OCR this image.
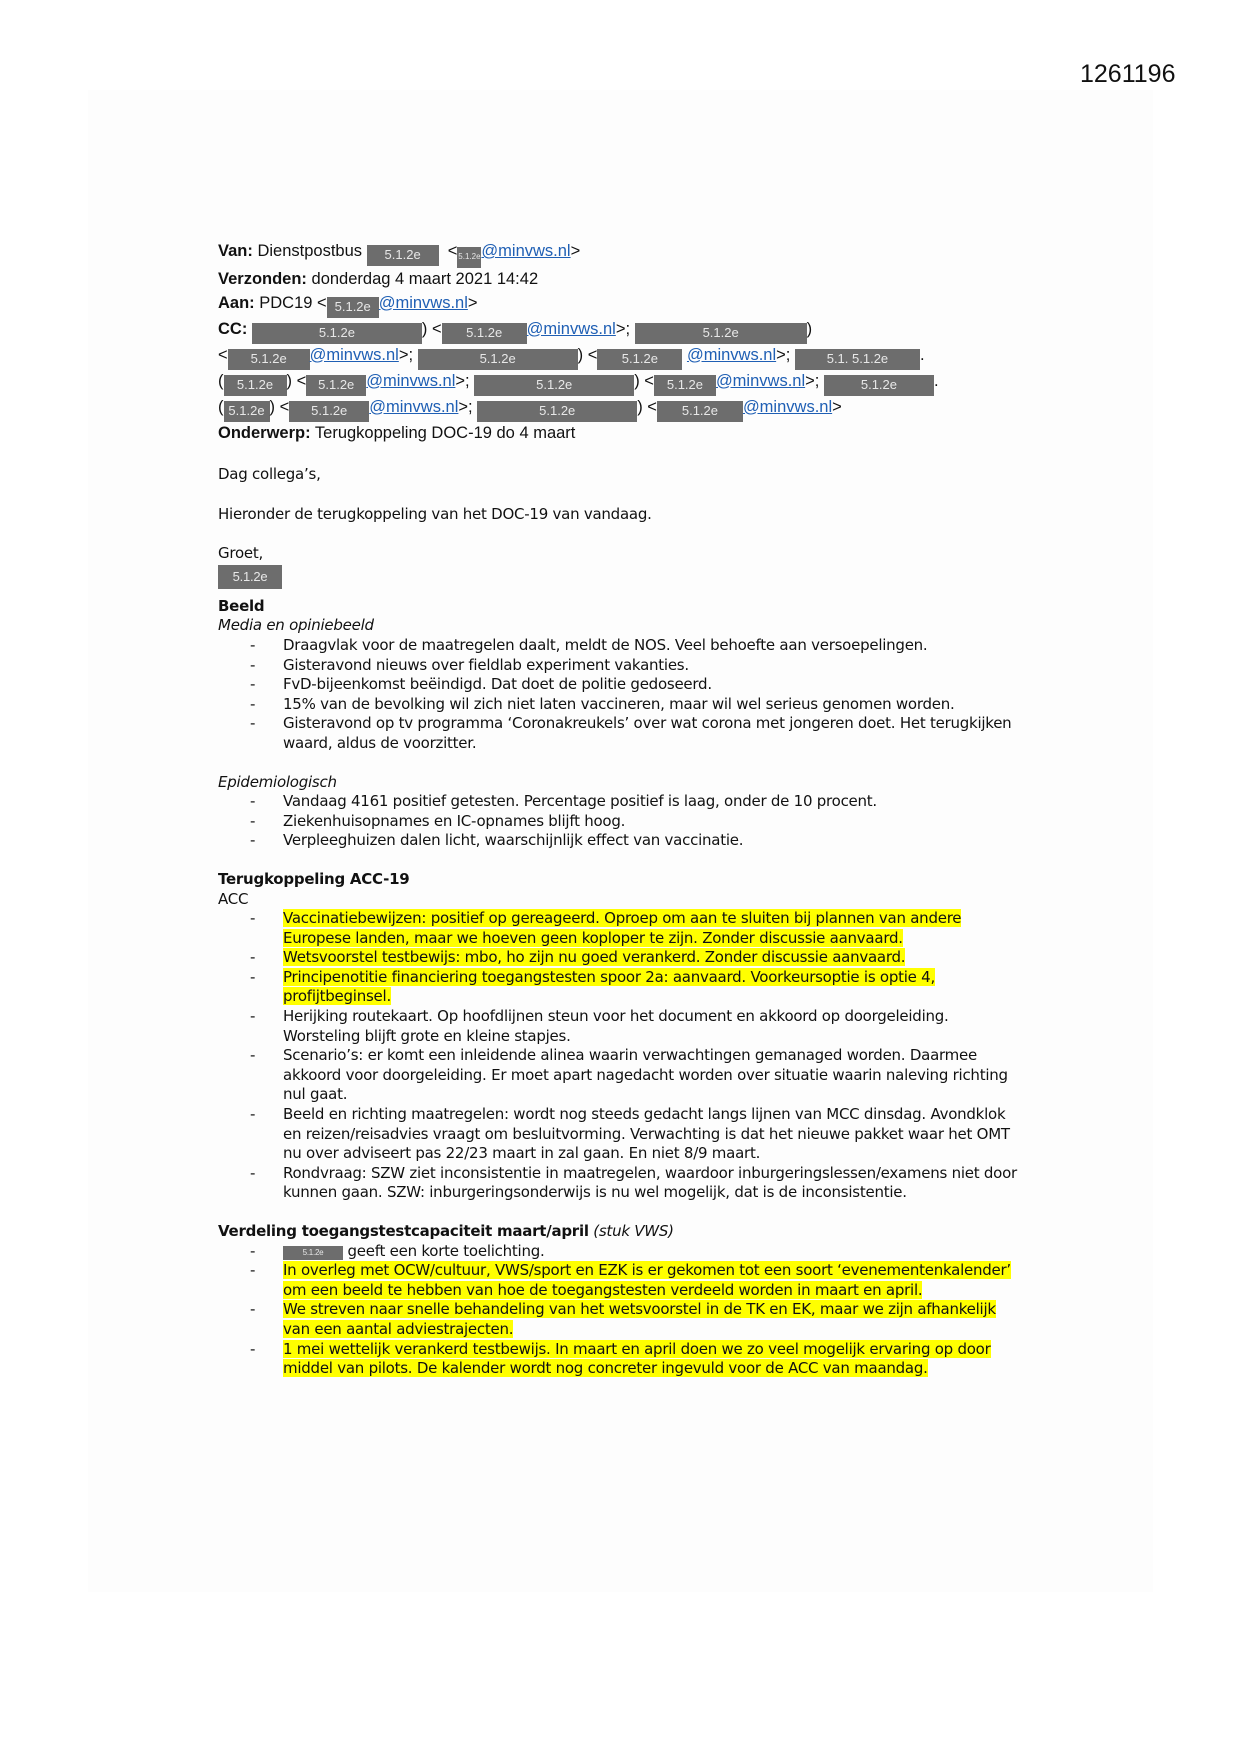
1261196
Van: Dienstpostbus 5.1.2e  <5.1.2e@minvws.nl>
Verzonden: donderdag 4 maart 2021 14:42
Aan: PDC19 < 5.1.2e @minvws.nl>
CC:	5.1.2e	) < 5.1.2e @minvws.nl>;	5.1.2e	)
< 5.1.2e @minvws.nl>;	5.1.2e	) < 5.1.2e @minvws.nl>; 5.1. 5.1.2e .
( 5.1.2e ) < 5.1.2e @minvws.nl>;	5.1.2e	) < 5.1.2e @minvws.nl>;	5.1.2e .
( 5.1.2e ) < 5.1.2e @minvws.nl>;	5.1.2e	) < 5.1.2e @minvws.nl>
Onderwerp: Terugkoppeling DOC-19 do 4 maart

Dag collega’s,

Hieronder de terugkoppeling van het DOC-19 van vandaag.

Groet,

5.1.2e

Beeld

Media en opiniebeeld

- Draagvlak voor de maatregelen daalt, meldt de NOS. Veel behoefte aan versoepelingen.
- Gisteravond nieuws over fieldlab experiment vakanties.
- FvD-bijeenkomst beëindigd. Dat doet de politie gedoseerd.
- 15% van de bevolking wil zich niet laten vaccineren, maar wil wel serieus genomen worden.
- Gisteravond op tv programma ‘Coronakreukels’ over wat corona met jongeren doet. Het terugkijken waard, aldus de voorzitter.

Epidemiologisch

- Vandaag 4161 positief getesten. Percentage positief is laag, onder de 10 procent.
- Ziekenhuisopnames en IC-opnames blijft hoog.
- Verpleeghuizen dalen licht, waarschijnlijk effect van vaccinatie.

Terugkoppeling ACC-19

ACC

- Vaccinatiebewijzen: positief op gereageerd. Oproep om aan te sluiten bij plannen van andere Europese landen, maar we hoeven geen koploper te zijn. Zonder discussie aanvaard.
- Wetsvoorstel testbewijs: mbo, ho zijn nu goed verankerd. Zonder discussie aanvaard.
- Principenotitie financiering toegangstesten spoor 2a: aanvaard. Voorkeursoptie is optie 4, profijtbeginsel.
- Herijking routekaart. Op hoofdlijnen steun voor het document en akkoord op doorgeleiding. Worsteling blijft grote en kleine stapjes.
- Scenario’s: er komt een inleidende alinea waarin verwachtingen gemanaged worden. Daarmee akkoord voor doorgeleiding. Er moet apart nagedacht worden over situatie waarin naleving richting nul gaat.
- Beeld en richting maatregelen: wordt nog steeds gedacht langs lijnen van MCC dinsdag. Avondklok en reizen/reisadvies vraagt om besluitvorming. Verwachting is dat het nieuwe pakket waar het OMT nu over adviseert pas 22/23 maart in zal gaan. En niet 8/9 maart.
- Rondvraag: SZW ziet inconsistentie in maatregelen, waardoor inburgeringslessen/examens niet door kunnen gaan. SZW: inburgeringsonderwijs is nu wel mogelijk, dat is de inconsistentie.

Verdeling toegangstestcapaciteit maart/april (stuk VWS)

- 5.1.2e geeft een korte toelichting.
- In overleg met OCW/cultuur, VWS/sport en EZK is er gekomen tot een soort ‘evenementenkalender’ om een beeld te hebben van hoe de toegangstesten verdeeld worden in maart en april.
- We streven naar snelle behandeling van het wetsvoorstel in de TK en EK, maar we zijn afhankelijk van een aantal adviestrajecten.
- 1 mei wettelijk verankerd testbewijs. In maart en april doen we zo veel mogelijk ervaring op door middel van pilots. De kalender wordt nog concreter ingevuld voor de ACC van maandag.
